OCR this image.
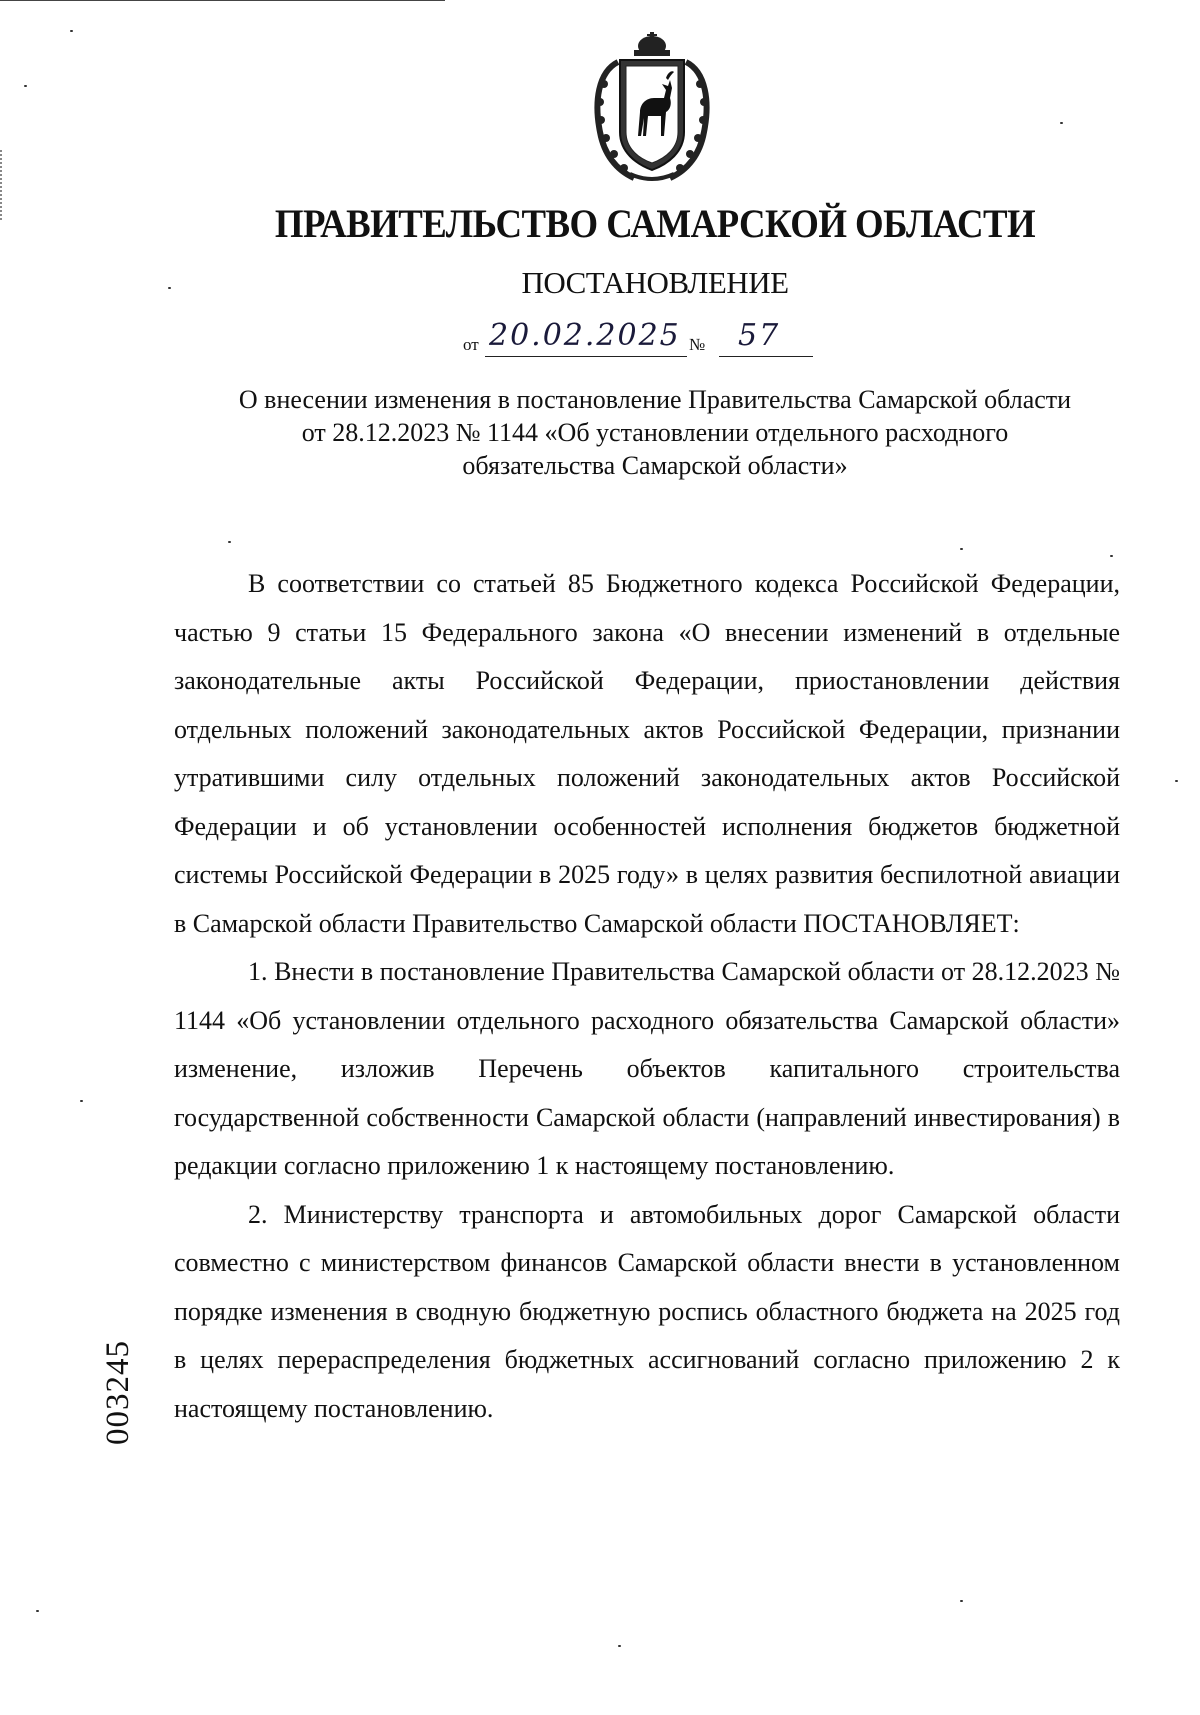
ПРАВИТЕЛЬСТВО САМАРСКОЙ ОБЛАСТИ
ПОСТАНОВЛЕНИЕ
от 20.02.2025 № 57
О внесении изменения в постановление Правительства Самарской области
от 28.12.2023 № 1144 «Об установлении отдельного расходного
обязательства Самарской области»

В соответствии со статьей 85 Бюджетного кодекса Российской Федерации, частью 9 статьи 15 Федерального закона «О внесении изменений в отдельные законодательные акты Российской Федерации, приостановлении действия отдельных положений законодательных актов Российской Федерации, признании утратившими силу отдельных положений законодательных актов Российской Федерации и об установлении особенностей исполнения бюджетов бюджетной системы Российской Федерации в 2025 году» в целях развития беспилотной авиации в Самарской области Правительство Самарской области ПОСТАНОВЛЯЕТ:

1. Внести в постановление Правительства Самарской области от 28.12.2023 № 1144 «Об установлении отдельного расходного обязательства Самарской области» изменение, изложив Перечень объектов капитального строительства государственной собственности Самарской области (направлений инвестирования) в редакции согласно приложению 1 к настоящему постановлению.

2. Министерству транспорта и автомобильных дорог Самарской области совместно с министерством финансов Самарской области внести в установленном порядке изменения в сводную бюджетную роспись областного бюджета на 2025 год в целях перераспределения бюджетных ассигнований согласно приложению 2 к настоящему постановлению.

003245
